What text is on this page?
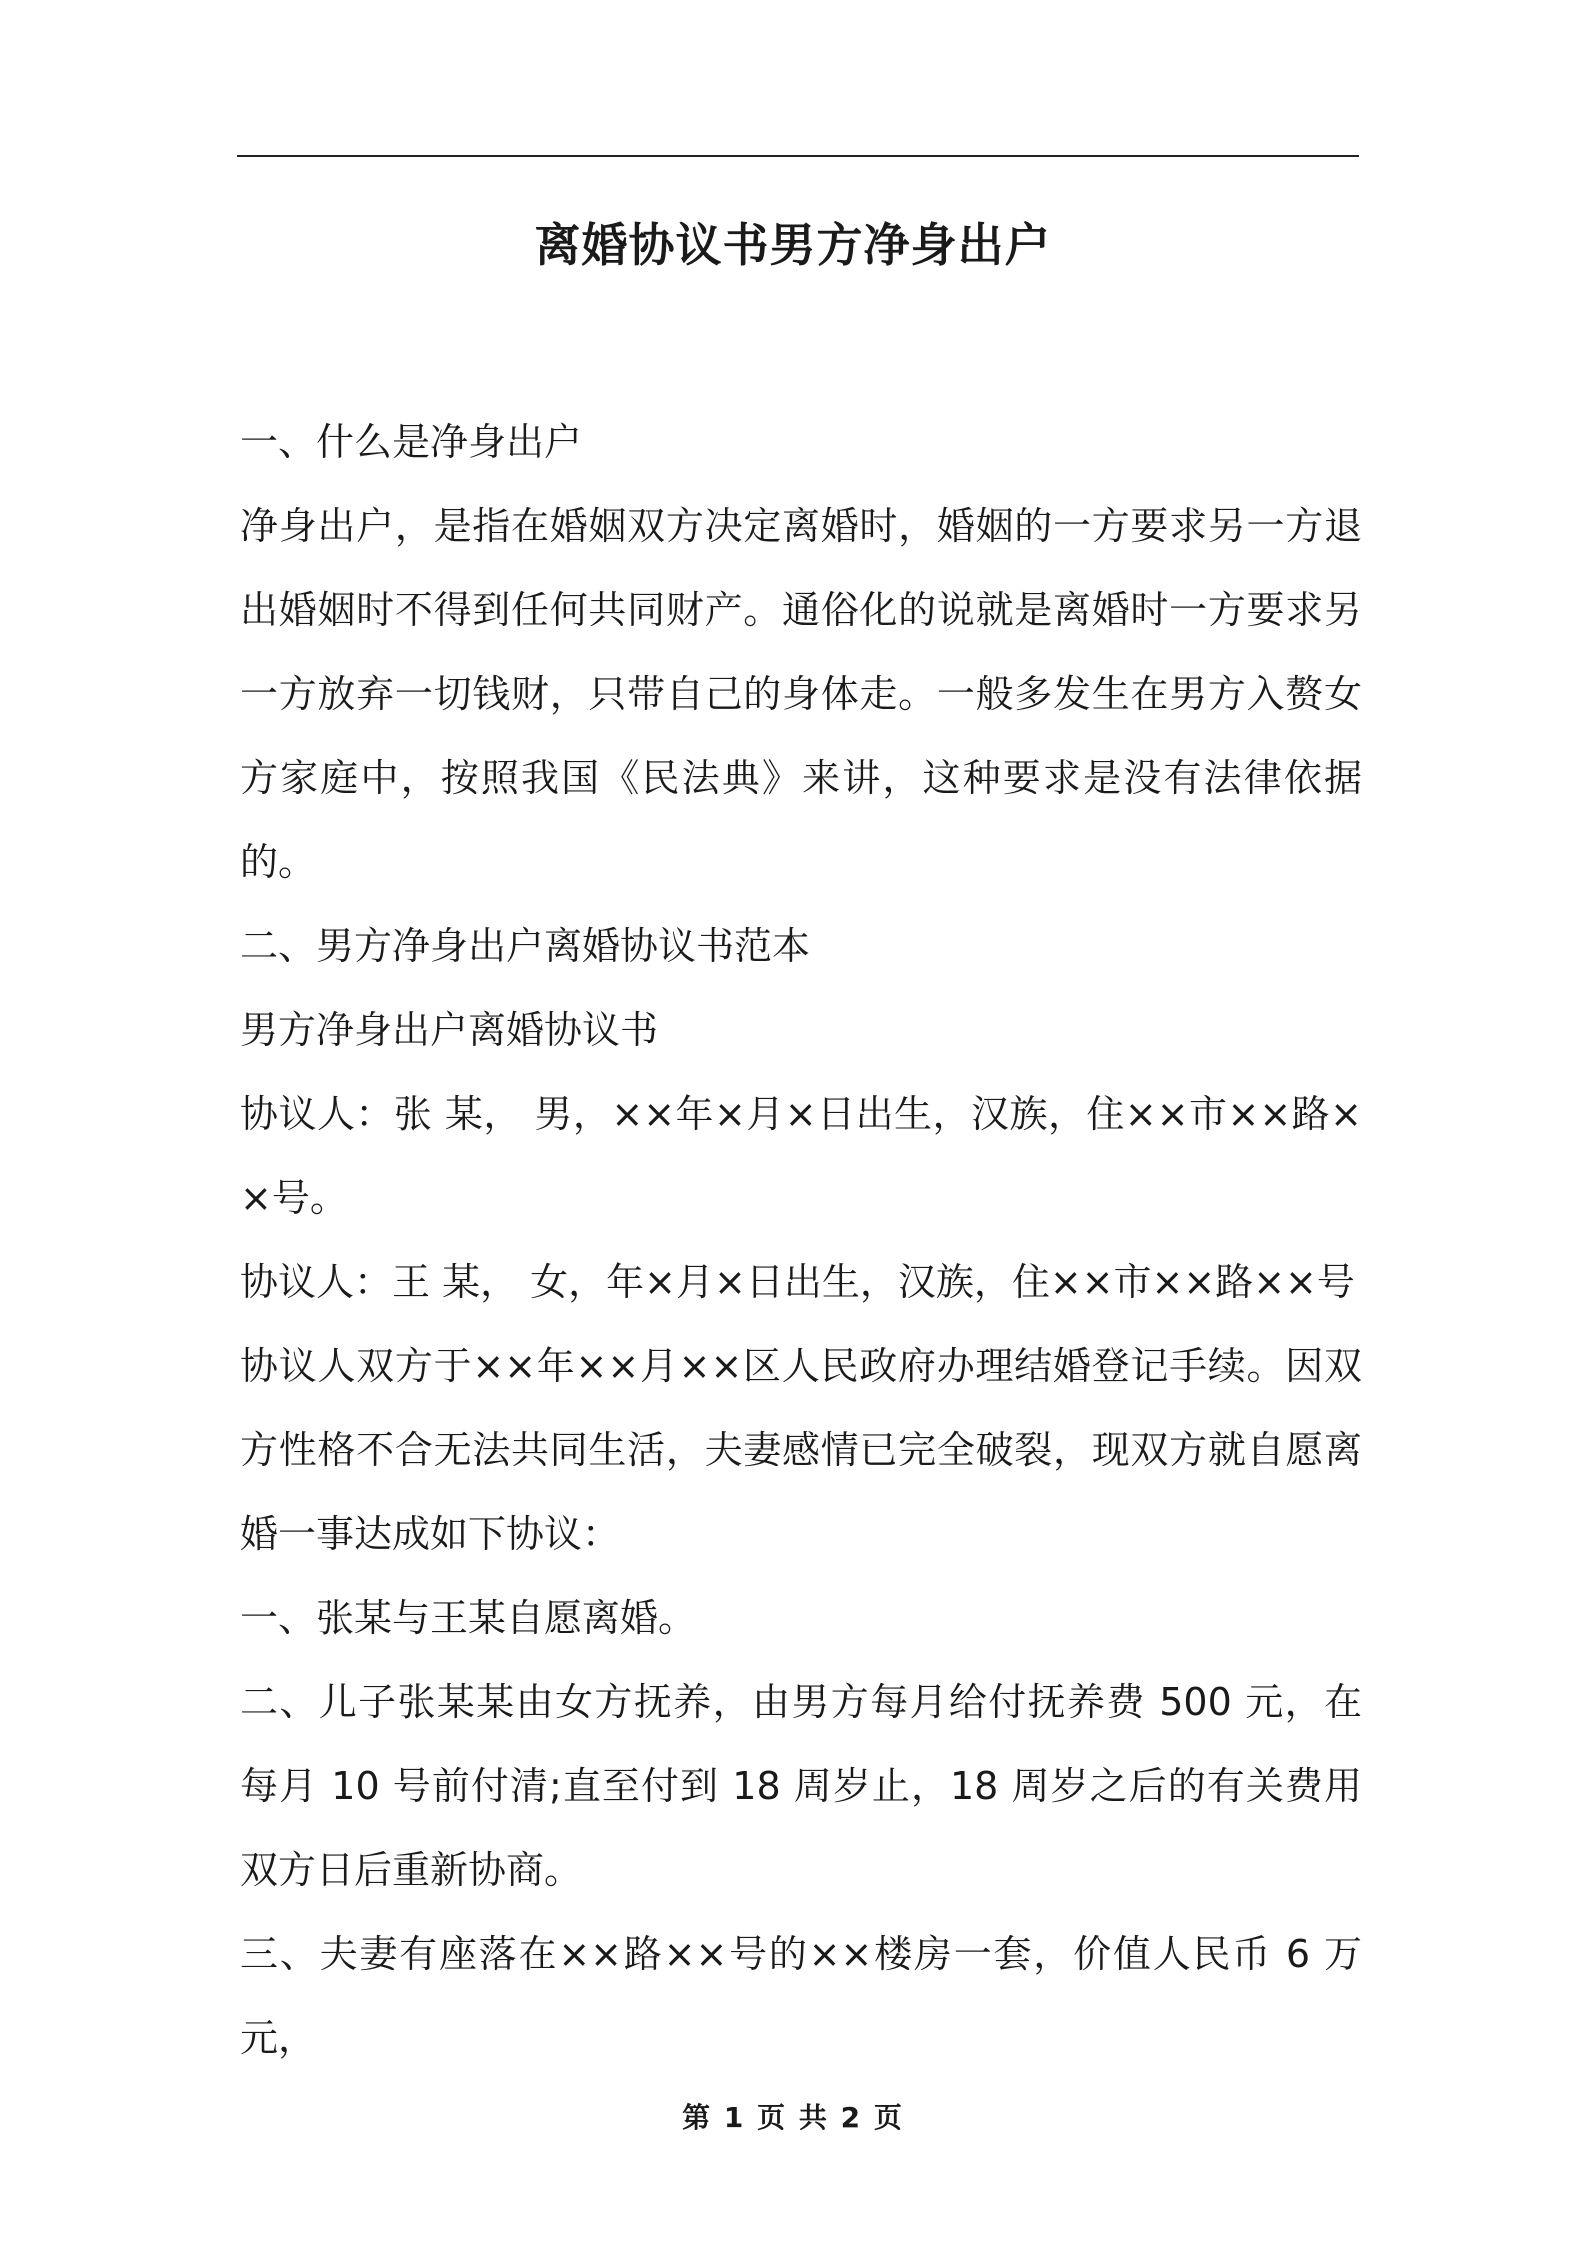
离婚协议书男方净身出户

一、什么是净身出户

净身出户，是指在婚姻双方决定离婚时，婚姻的一方要求另一方退出婚姻时不得到任何共同财产。通俗化的说就是离婚时一方要求另一方放弃一切钱财，只带自己的身体走。一般多发生在男方入赘女方家庭中，按照我国《民法典》来讲，这种要求是没有法律依据的。

二、男方净身出户离婚协议书范本

男方净身出户离婚协议书

协议人：张 某， 男，××年×月×日出生，汉族，住××市××路××号。

协议人：王 某， 女，年×月×日出生，汉族，住××市××路××号

协议人双方于××年××月××区人民政府办理结婚登记手续。因双方性格不合无法共同生活，夫妻感情已完全破裂，现双方就自愿离婚一事达成如下协议：

一、张某与王某自愿离婚。

二、儿子张某某由女方抚养，由男方每月给付抚养费 500 元，在每月 10 号前付清;直至付到 18 周岁止，18 周岁之后的有关费用双方日后重新协商。

三、夫妻有座落在××路××号的××楼房一套，价值人民币 6 万元，

第 1 页 共 2 页
